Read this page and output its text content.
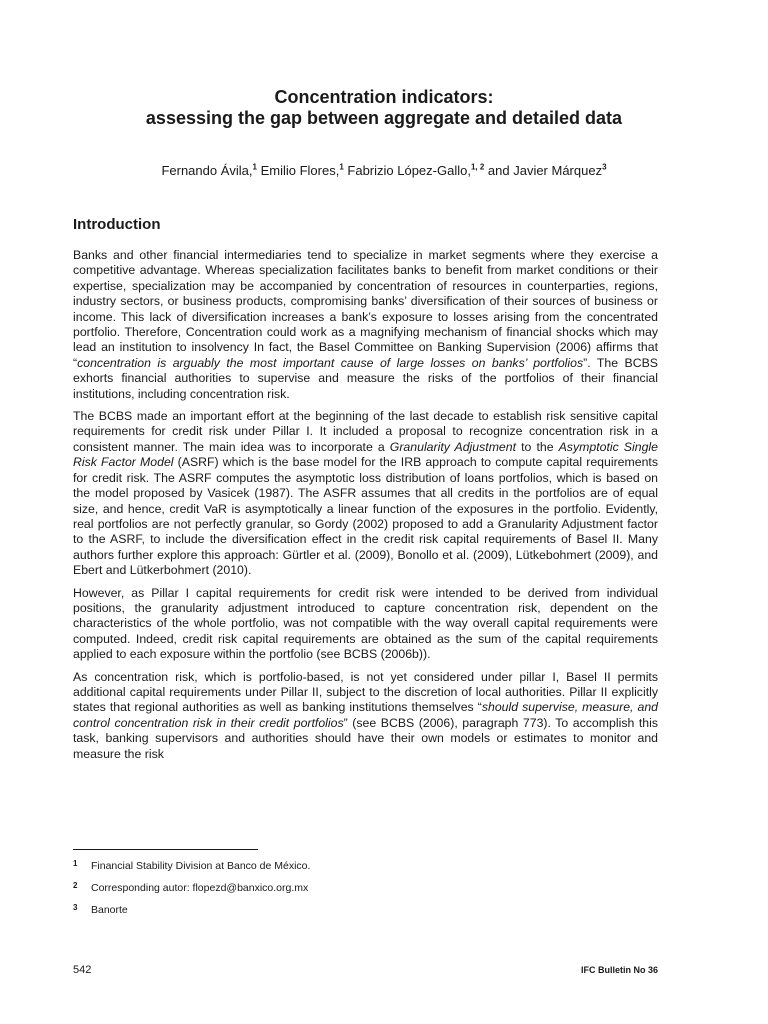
Concentration indicators:
assessing the gap between aggregate and detailed data

Fernando Ávila,$^1$ Emilio Flores,$^1$ Fabrizio López-Gallo,$^{1, 2}$ and Javier Márquez$^3$

Introduction

Banks and other financial intermediaries tend to specialize in market segments where they exercise a competitive advantage. Whereas specialization facilitates banks to benefit from market conditions or their expertise, specialization may be accompanied by concentration of resources in counterparties, regions, industry sectors, or business products, compromising banks’ diversification of their sources of business or income. This lack of diversification increases a bank’s exposure to losses arising from the concentrated portfolio. Therefore, Concentration could work as a magnifying mechanism of financial shocks which may lead an institution to insolvency In fact, the Basel Committee on Banking Supervision (2006) affirms that “concentration is arguably the most important cause of large losses on banks’ portfolios”. The BCBS exhorts financial authorities to supervise and measure the risks of the portfolios of their financial institutions, including concentration risk.

The BCBS made an important effort at the beginning of the last decade to establish risk sensitive capital requirements for credit risk under Pillar I. It included a proposal to recognize concentration risk in a consistent manner. The main idea was to incorporate a Granularity Adjustment to the Asymptotic Single Risk Factor Model (ASRF) which is the base model for the IRB approach to compute capital requirements for credit risk. The ASRF computes the asymptotic loss distribution of loans portfolios, which is based on the model proposed by Vasicek (1987). The ASFR assumes that all credits in the portfolios are of equal size, and hence, credit VaR is asymptotically a linear function of the exposures in the portfolio. Evidently, real portfolios are not perfectly granular, so Gordy (2002) proposed to add a Granularity Adjustment factor to the ASRF, to include the diversification effect in the credit risk capital requirements of Basel II. Many authors further explore this approach: Gürtler et al. (2009), Bonollo et al. (2009), Lütkebohmert (2009), and Ebert and Lütkerbohmert (2010).

However, as Pillar I capital requirements for credit risk were intended to be derived from individual positions, the granularity adjustment introduced to capture concentration risk, dependent on the characteristics of the whole portfolio, was not compatible with the way overall capital requirements were computed. Indeed, credit risk capital requirements are obtained as the sum of the capital requirements applied to each exposure within the portfolio (see BCBS (2006b)).

As concentration risk, which is portfolio-based, is not yet considered under pillar I, Basel II permits additional capital requirements under Pillar II, subject to the discretion of local authorities. Pillar II explicitly states that regional authorities as well as banking institutions themselves “should supervise, measure, and control concentration risk in their credit portfolios” (see BCBS (2006), paragraph 773). To accomplish this task, banking supervisors and authorities should have their own models or estimates to monitor and measure the risk

1 Financial Stability Division at Banco de México.
2 Corresponding autor: flopezd@banxico.org.mx
3 Banorte
542	IFC Bulletin No 36
